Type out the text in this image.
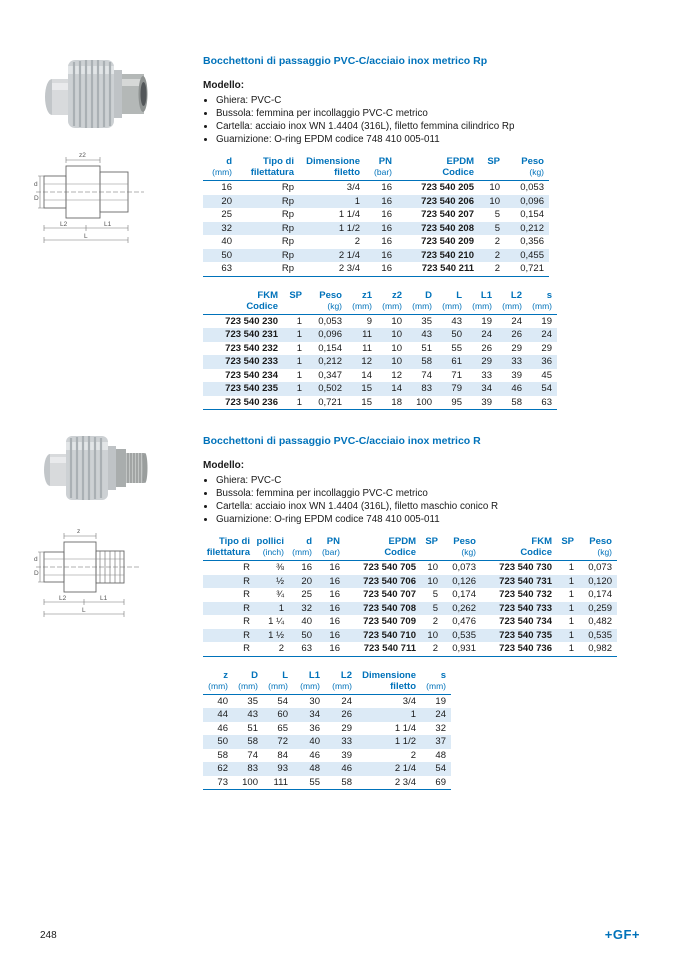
d
D
z2
L2	L1
L
Bocchettoni di passaggio PVC-C/acciaio inox metrico Rp

Modello:

• Ghiera: PVC-C
• Bussola: femmina per incollaggio PVC-C metrico
• Cartella: acciaio inox WN 1.4404 (316L), filetto femmina cilindrico Rp
• Guarnizione: O-ring EPDM codice 748 410 005-011
d
(mm)

Tipo di
filettatura

Dimensione
filetto

PN
(bar)

EPDM
Codice

SP	Peso
(kg)

16	Rp	3/4	16	723 540 205	10	0,053
20	Rp	1	16	723 540 206	10	0,096
25	Rp	1 1/4	16	723 540 207	5	0,154
32	Rp	1 1/2	16	723 540 208	5	0,212
40	Rp	2	16	723 540 209	2	0,356
50	Rp	2 1/4	16	723 540 210	2	0,455
63	Rp	2 3/4	16	723 540 211	2	0,721
FKM
Codice

SP	Peso
(kg)

z1
(mm)

z2
(mm)

D
(mm)

L
(mm)

L1
(mm)

L2
(mm)

s
(mm)

723 540 230	1	0,053	9	10	35	43	19	24	19
723 540 231	1	0,096	11	10	43	50	24	26	24
723 540 232	1	0,154	11	10	51	55	26	29	29
723 540 233	1	0,212	12	10	58	61	29	33	36
723 540 234	1	0,347	14	12	74	71	33	39	45
723 540 235	1	0,502	15	14	83	79	34	46	54
723 540 236	1	0,721	15	18	100	95	39	58	63
d
D
z
L2	L1
L
Bocchettoni di passaggio PVC-C/acciaio inox metrico R

Modello:

• Ghiera: PVC-C
• Bussola: femmina per incollaggio PVC-C metrico
• Cartella: acciaio inox WN 1.4404 (316L), filetto maschio conico R
• Guarnizione: O-ring EPDM codice 748 410 005-011
Tipo di
filettatura

pollici
(inch)

d
(mm)

PN
(bar)

EPDM
Codice

SP	Peso
(kg)

FKM
Codice

SP	Peso
(kg)

R	⅜	16	16	723 540 705	10	0,073	723 540 730	1	0,073
R	½	20	16	723 540 706	10	0,126	723 540 731	1	0,120
R	¾	25	16	723 540 707	5	0,174	723 540 732	1	0,174
R	1	32	16	723 540 708	5	0,262	723 540 733	1	0,259
R	1 ¼	40	16	723 540 709	2	0,476	723 540 734	1	0,482
R	1 ½	50	16	723 540 710	10	0,535	723 540 735	1	0,535
R	2	63	16	723 540 711	2	0,931	723 540 736	1	0,982
z
(mm)

D
(mm)

L
(mm)

L1
(mm)

L2
(mm)

Dimensione
filetto

s
(mm)

40	35	54	30	24	3/4	19
44	43	60	34	26	1	24
46	51	65	36	29	1 1/4	32
50	58	72	40	33	1 1/2	37
58	74	84	46	39	2	48
62	83	93	48	46	2 1/4	54
73	100	111	55	58	2 3/4	69
248	+GF+
